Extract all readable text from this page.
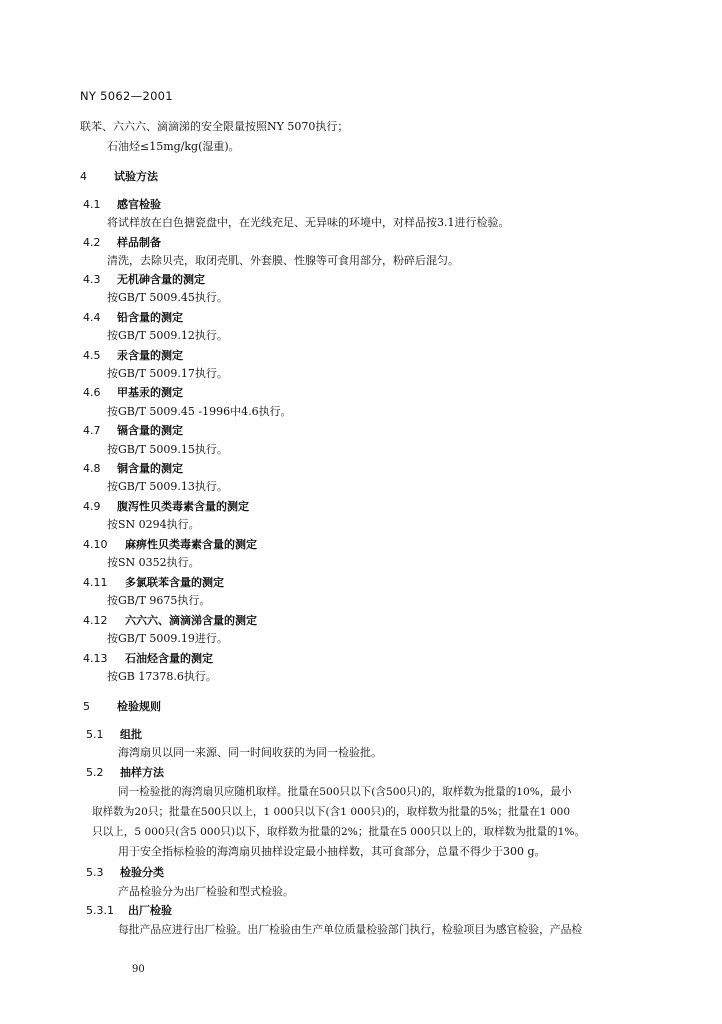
NY 5062—2001
联苯、六六六、滴滴涕的安全限量按照NY 5070执行；
石油烃≤15mg/kg(湿重)。
4 试验方法
4.1 感官检验
将试样放在白色搪瓷盘中，在光线充足、无异味的环境中，对样品按3.1进行检验。
4.2 样品制备
清洗，去除贝壳，取闭壳肌、外套膜、性腺等可食用部分，粉碎后混匀。
4.3 无机砷含量的测定
按GB/T 5009.45执行。
4.4 铅含量的测定
按GB/T 5009.12执行。
4.5 汞含量的测定
按GB/T 5009.17执行。
4.6 甲基汞的测定
按GB/T 5009.45 -1996中4.6执行。
4.7 镉含量的测定
按GB/T 5009.15执行。
4.8 铜含量的测定
按GB/T 5009.13执行。
4.9 腹泻性贝类毒素含量的测定
按SN 0294执行。
4.10 麻痹性贝类毒素含量的测定
按SN 0352执行。
4.11 多氯联苯含量的测定
按GB/T 9675执行。
4.12 六六六、滴滴涕含量的测定
按GB/T 5009.19进行。
4.13 石油烃含量的测定
按GB 17378.6执行。
5 检验规则
5.1 组批
海湾扇贝以同一来源、同一时间收获的为同一检验批。
5.2 抽样方法
同一检验批的海湾扇贝应随机取样。批量在500只以下(含500只)的，取样数为批量的10%，最小
取样数为20只；批量在500只以上，1 000只以下(含1 000只)的，取样数为批量的5%；批量在1 000
只以上，5 000只(含5 000只)以下，取样数为批量的2%；批量在5 000只以上的，取样数为批量的1%。
用于安全指标检验的海湾扇贝抽样设定最小抽样数，其可食部分，总量不得少于300 g。
5.3 检验分类
产品检验分为出厂检验和型式检验。
5.3.1 出厂检验
每批产品应进行出厂检验。出厂检验由生产单位质量检验部门执行，检验项目为感官检验，产品检
90
